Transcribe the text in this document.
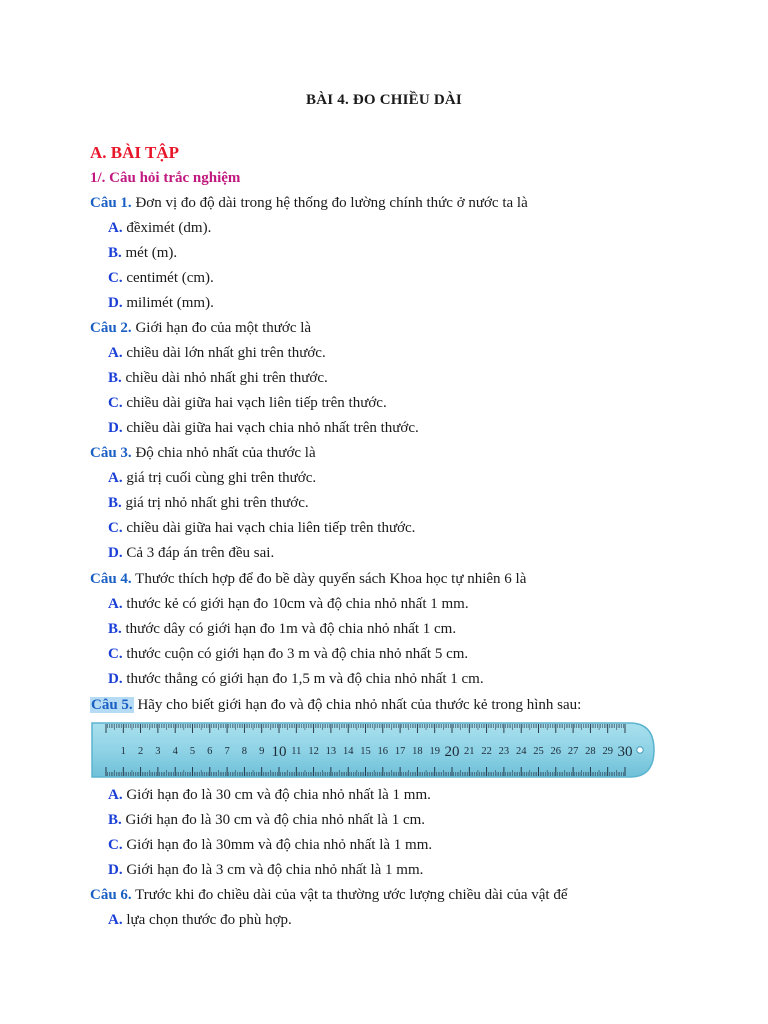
BÀI 4. ĐO CHIỀU DÀI
A. BÀI TẬP
1/. Câu hỏi trắc nghiệm
Câu 1. Đơn vị đo độ dài trong hệ thống đo lường chính thức ở nước ta là
A. đềximét (dm).
B. mét (m).
C. centimét (cm).
D. milimét (mm).
Câu 2. Giới hạn đo của một thước là
A. chiều dài lớn nhất ghi trên thước.
B. chiều dài nhỏ nhất ghi trên thước.
C. chiều dài giữa hai vạch liên tiếp trên thước.
D. chiều dài giữa hai vạch chia nhỏ nhất trên thước.
Câu 3. Độ chia nhỏ nhất của thước là
A. giá trị cuối cùng ghi trên thước.
B. giá trị nhỏ nhất ghi trên thước.
C. chiều dài giữa hai vạch chia liên tiếp trên thước.
D. Cả 3 đáp án trên đều sai.
Câu 4. Thước thích hợp để đo bề dày quyển sách Khoa học tự nhiên 6 là
A. thước kẻ có giới hạn đo 10cm và độ chia nhỏ nhất 1 mm.
B. thước dây có giới hạn đo 1m và độ chia nhỏ nhất 1 cm.
C. thước cuộn có giới hạn đo 3 m và độ chia nhỏ nhất 5 cm.
D. thước thẳng có giới hạn đo 1,5 m và độ chia nhỏ nhất 1 cm.
Câu 5. Hãy cho biết giới hạn đo và độ chia nhỏ nhất của thước kẻ trong hình sau:
1 2 3 4 5 6 7 8 9 10 11 12 13 14 15 16 17 18 19 20 21 22 23 24 25 26 27 28 29 30
A. Giới hạn đo là 30 cm và độ chia nhỏ nhất là 1 mm.
B. Giới hạn đo là 30 cm và độ chia nhỏ nhất là 1 cm.
C. Giới hạn đo là 30mm và độ chia nhỏ nhất là 1 mm.
D. Giới hạn đo là 3 cm và độ chia nhỏ nhất là 1 mm.
Câu 6. Trước khi đo chiều dài của vật ta thường ước lượng chiều dài của vật để
A. lựa chọn thước đo phù hợp.
